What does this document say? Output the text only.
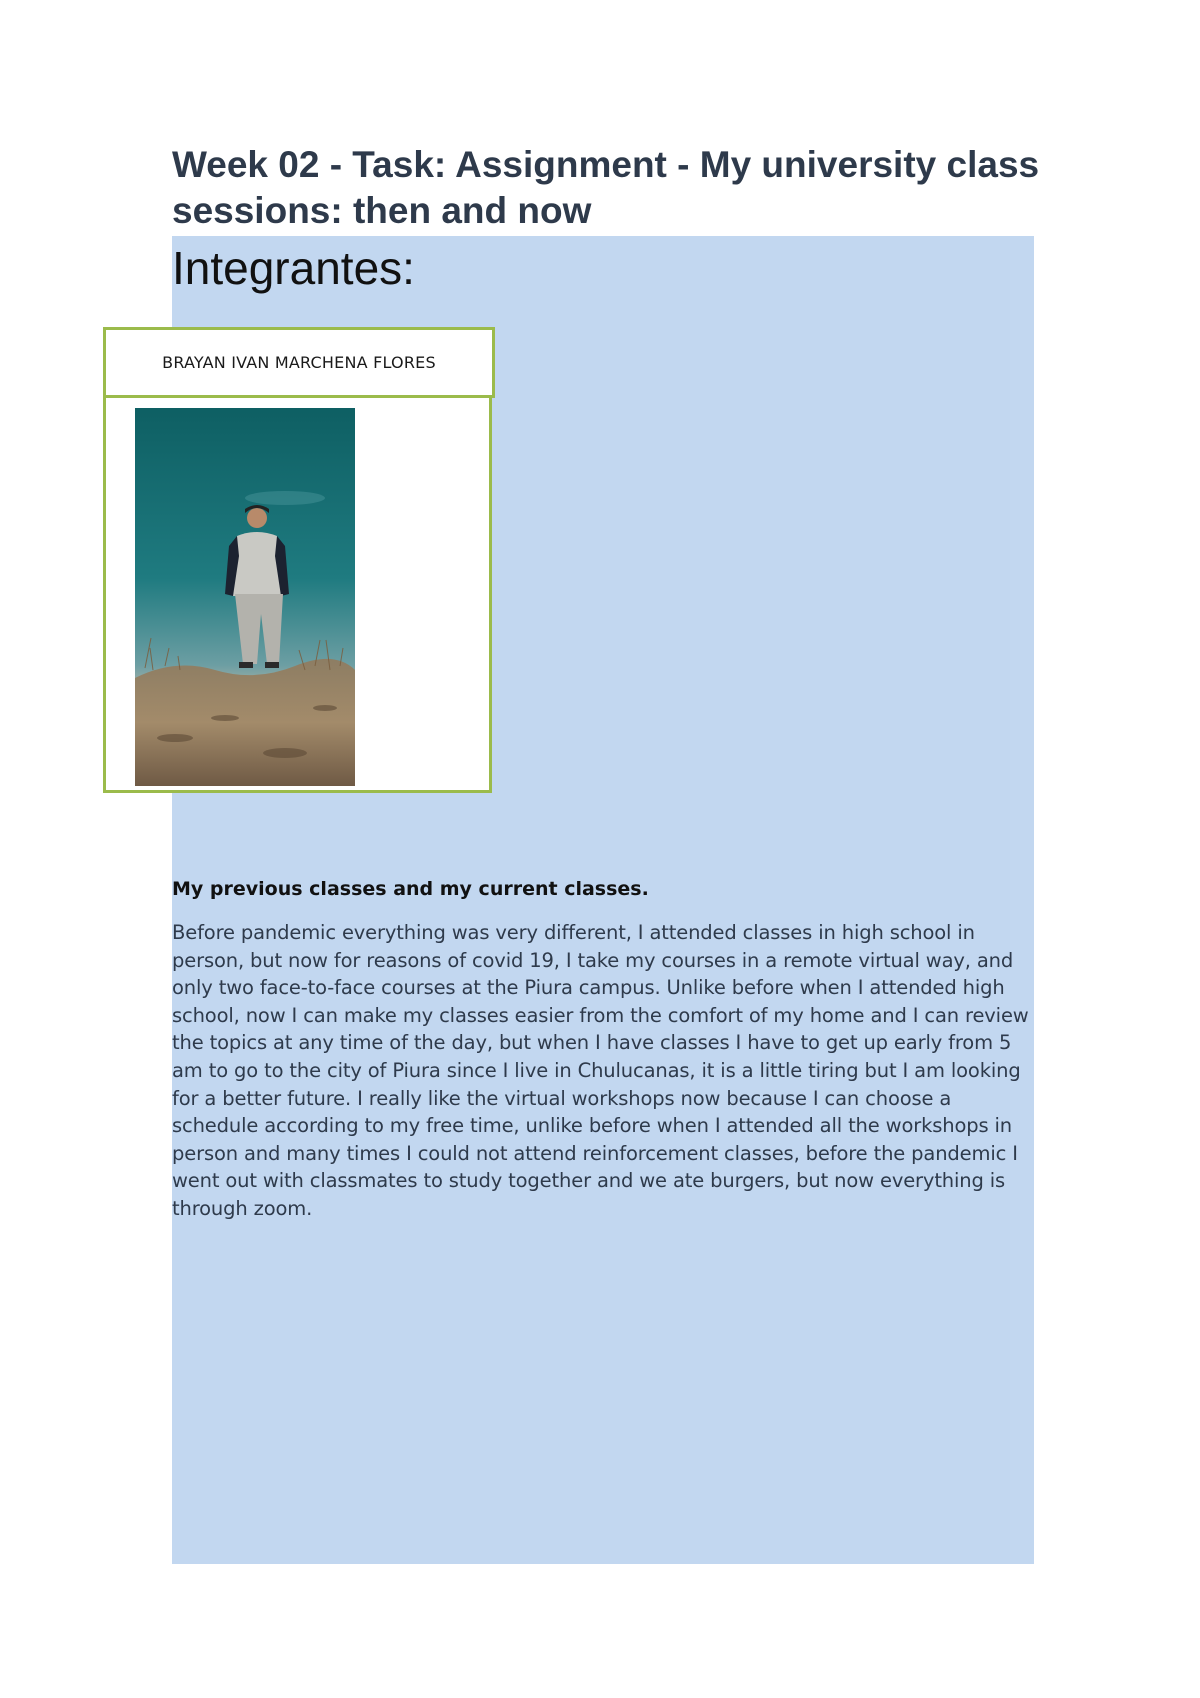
Week 02 - Task: Assignment - My university class sessions: then and now

Integrantes:

BRAYAN IVAN MARCHENA FLORES
My previous classes and my current classes.

Before pandemic everything was very different, I attended classes in high school in person, but now for reasons of covid 19, I take my courses in a remote virtual way, and only two face-to-face courses at the Piura campus. Unlike before when I attended high school, now I can make my classes easier from the comfort of my home and I can review the topics at any time of the day, but when I have classes I have to get up early from 5 am to go to the city of Piura since I live in Chulucanas, it is a little tiring but I am looking for a better future. I really like the virtual workshops now because I can choose a schedule according to my free time, unlike before when I attended all the workshops in person and many times I could not attend reinforcement classes, before the pandemic I went out with classmates to study together and we ate burgers, but now everything is through zoom.
